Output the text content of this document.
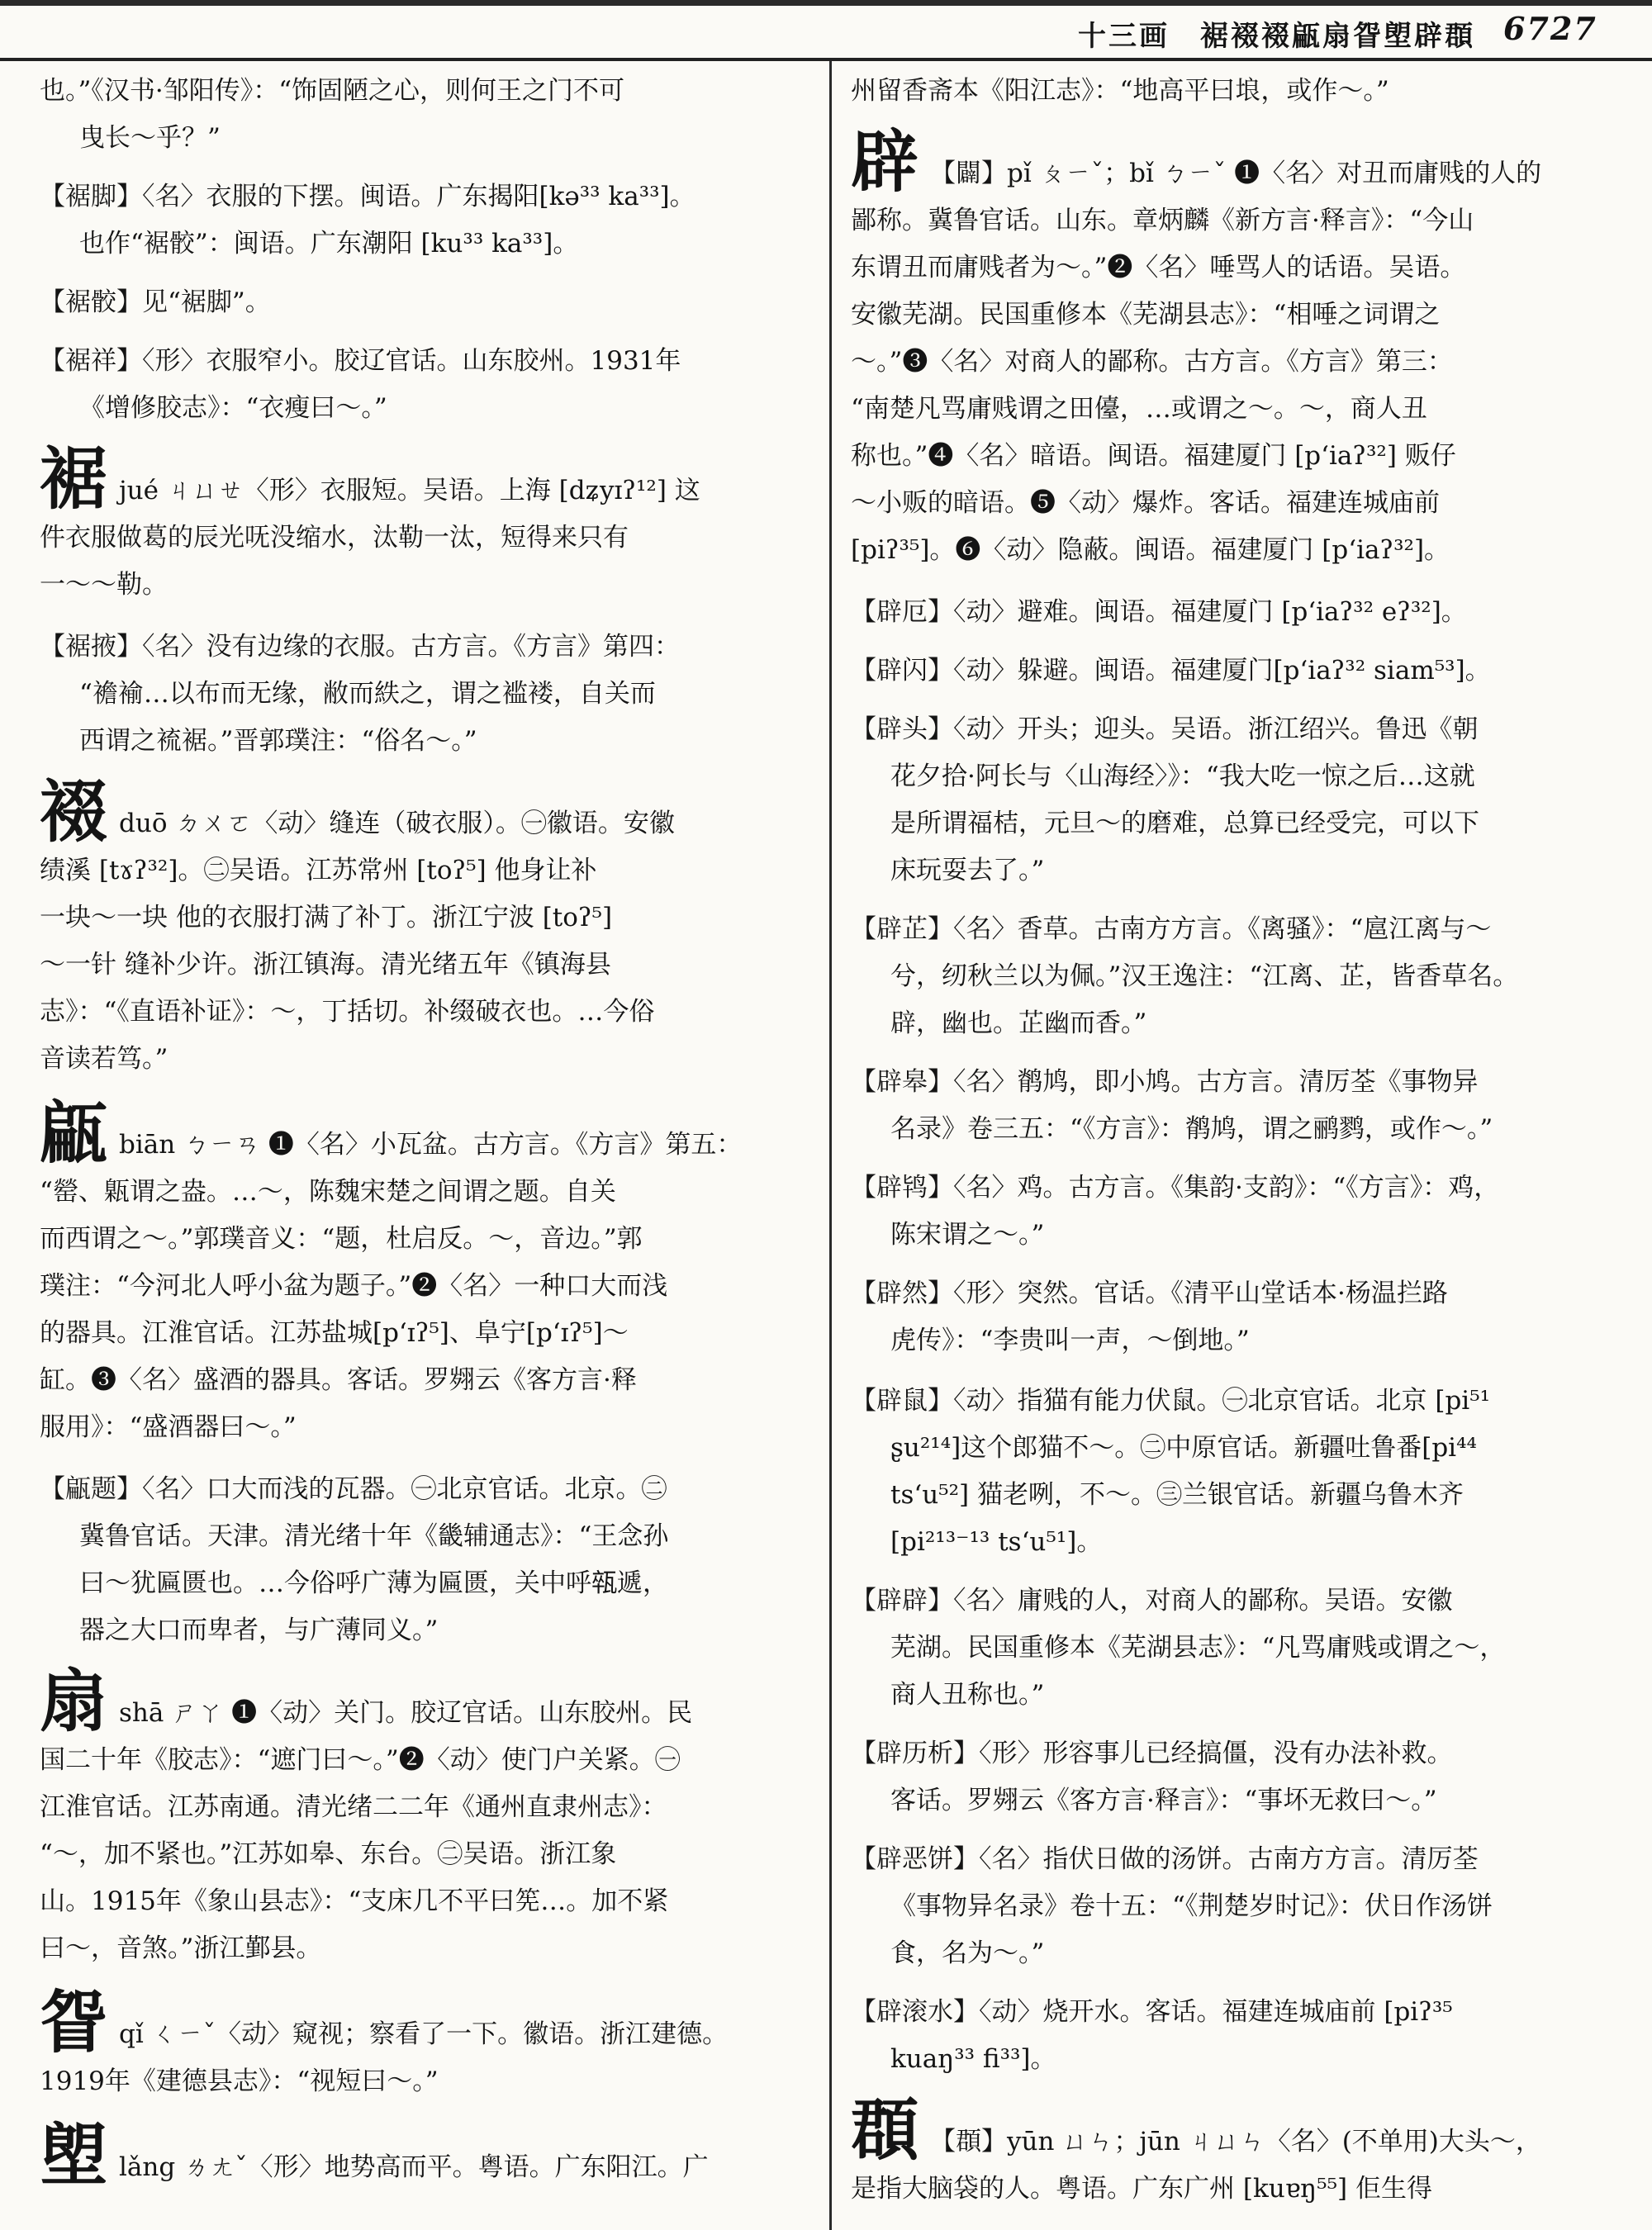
十三画　裾裰裰甂扇眢塱辟頵 6727

也。”《汉书·邹阳传》：“饰固陋之心，则何王之门不可

曳长～乎？”

【裾脚】〈名〉衣服的下摆。闽语。广东揭阳[kə³³ ka³³]。

也作“裾骹”：闽语。广东潮阳 [ku³³ ka³³]。

【裾骹】见“裾脚”。

【裾祥】〈形〉衣服窄小。胶辽官话。山东胶州。1931年

《增修胶志》：“衣瘦曰～。”

裾 jué ㄐㄩㄝ〈形〉衣服短。吴语。上海 [dʑyɪʔ¹²] 这

件衣服做葛的辰光呒没缩水，汰勒一汰，短得来只有

一～～勒。

【裾掖】〈名〉没有边缘的衣服。古方言。《方言》第四：

“襜褕…以布而无缘，敝而紩之，谓之褴褛，自关而

西谓之裗裾。”晋郭璞注：“俗名～。”

裰 duō ㄉㄨㄛ〈动〉缝连（破衣服）。㊀徽语。安徽

绩溪 [tɤʔ³²]。㊁吴语。江苏常州 [toʔ⁵] 他身让补

一块～一块 他的衣服打满了补丁。浙江宁波 [toʔ⁵]

～一针 缝补少许。浙江镇海。清光绪五年《镇海县

志》：“《直语补证》：～，丁括切。补缀破衣也。…今俗

音读若笃。”

甂 biān ㄅㄧㄢ ❶〈名〉小瓦盆。古方言。《方言》第五：

“罃、甈谓之盎。…～，陈魏宋楚之间谓之题。自关

而西谓之～。”郭璞音义：“题，杜启反。～，音边。”郭

璞注：“今河北人呼小盆为题子。”❷〈名〉一种口大而浅

的器具。江淮官话。江苏盐城[pʻɪʔ⁵]、阜宁[pʻɪʔ⁵]～

缸。❸〈名〉盛酒的器具。客话。罗翙云《客方言·释

服用》：“盛酒器曰～。”

【甂题】〈名〉口大而浅的瓦器。㊀北京官话。北京。㊁

冀鲁官话。天津。清光绪十年《畿辅通志》：“王念孙

曰～犹匾匮也。…今俗呼广薄为匾匮，关中呼𤭢遞，

器之大口而卑者，与广薄同义。”

扇 shā ㄕㄚ ❶〈动〉关门。胶辽官话。山东胶州。民

国二十年《胶志》：“遮门曰～。”❷〈动〉使门户关紧。㊀

江淮官话。江苏南通。清光绪二二年《通州直隶州志》：

“～，加不紧也。”江苏如皋、东台。㊁吴语。浙江象

山。1915年《象山县志》：“支床几不平曰筅…。加不紧

曰～，音煞。”浙江鄞县。

眢 qǐ ㄑㄧˇ〈动〉窥视；察看了一下。徽语。浙江建德。

1919年《建德县志》：“视短曰～。”

塱 lǎng ㄌㄤˇ〈形〉地势高而平。粤语。广东阳江。广

州留香斋本《阳江志》：“地高平曰埌，或作～。”

辟 【闢】pǐ ㄆㄧˇ；bǐ ㄅㄧˇ ❶〈名〉对丑而庸贱的人的

鄙称。冀鲁官话。山东。章炳麟《新方言·释言》：“今山

东谓丑而庸贱者为～。”❷〈名〉唾骂人的话语。吴语。

安徽芜湖。民国重修本《芜湖县志》：“相唾之词谓之

～。”❸〈名〉对商人的鄙称。古方言。《方言》第三：

“南楚凡骂庸贱谓之田儓，…或谓之～。～，商人丑

称也。”❹〈名〉暗语。闽语。福建厦门 [pʻiaʔ³²] 贩仔

～小贩的暗语。❺〈动〉爆炸。客话。福建连城庙前

[piʔ³⁵]。❻〈动〉隐蔽。闽语。福建厦门 [pʻiaʔ³²]。

【辟厄】〈动〉避难。闽语。福建厦门 [pʻiaʔ³² eʔ³²]。

【辟闪】〈动〉躲避。闽语。福建厦门[pʻiaʔ³² siam⁵³]。

【辟头】〈动〉开头；迎头。吴语。浙江绍兴。鲁迅《朝

花夕拾·阿长与〈山海经〉》：“我大吃一惊之后…这就

是所谓福桔，元旦～的磨难，总算已经受完，可以下

床玩耍去了。”

【辟芷】〈名〉香草。古南方方言。《离骚》：“扈江离与～

兮，纫秋兰以为佩。”汉王逸注：“江离、芷，皆香草名。

辟，幽也。芷幽而香。”

【辟皋】〈名〉鹡鸠，即小鸠。古方言。清厉荃《事物异

名录》卷三五：“《方言》：鹡鸠，谓之鹂鹨，或作～。”

【辟鸨】〈名〉鸡。古方言。《集韵·支韵》：“《方言》：鸡，

陈宋谓之～。”

【辟然】〈形〉突然。官话。《清平山堂话本·杨温拦路

虎传》：“李贵叫一声，～倒地。”

【辟鼠】〈动〉指猫有能力伏鼠。㊀北京官话。北京 [pi⁵¹

ʂu²¹⁴]这个郎猫不～。㊁中原官话。新疆吐鲁番[pi⁴⁴

tsʻu⁵²] 猫老咧，不～。㊂兰银官话。新疆乌鲁木齐

[pi²¹³⁻¹³ tsʻu⁵¹]。

【辟辟】〈名〉庸贱的人，对商人的鄙称。吴语。安徽

芜湖。民国重修本《芜湖县志》：“凡骂庸贱或谓之～，

商人丑称也。”

【辟历析】〈形〉形容事儿已经搞僵，没有办法补救。

客话。罗翙云《客方言·释言》：“事坏无救曰～。”

【辟恶饼】〈名〉指伏日做的汤饼。古南方方言。清厉荃

《事物异名录》卷十五：“《荆楚岁时记》：伏日作汤饼

食，名为～。”

【辟滚水】〈动〉烧开水。客话。福建连城庙前 [piʔ³⁵

kuaŋ³³ fi³³]。

頵 【頵】yūn ㄩㄣ；jūn ㄐㄩㄣ〈名〉(不单用)大头～，

是指大脑袋的人。粤语。广东广州 [kuɐŋ⁵⁵] 佢生得
